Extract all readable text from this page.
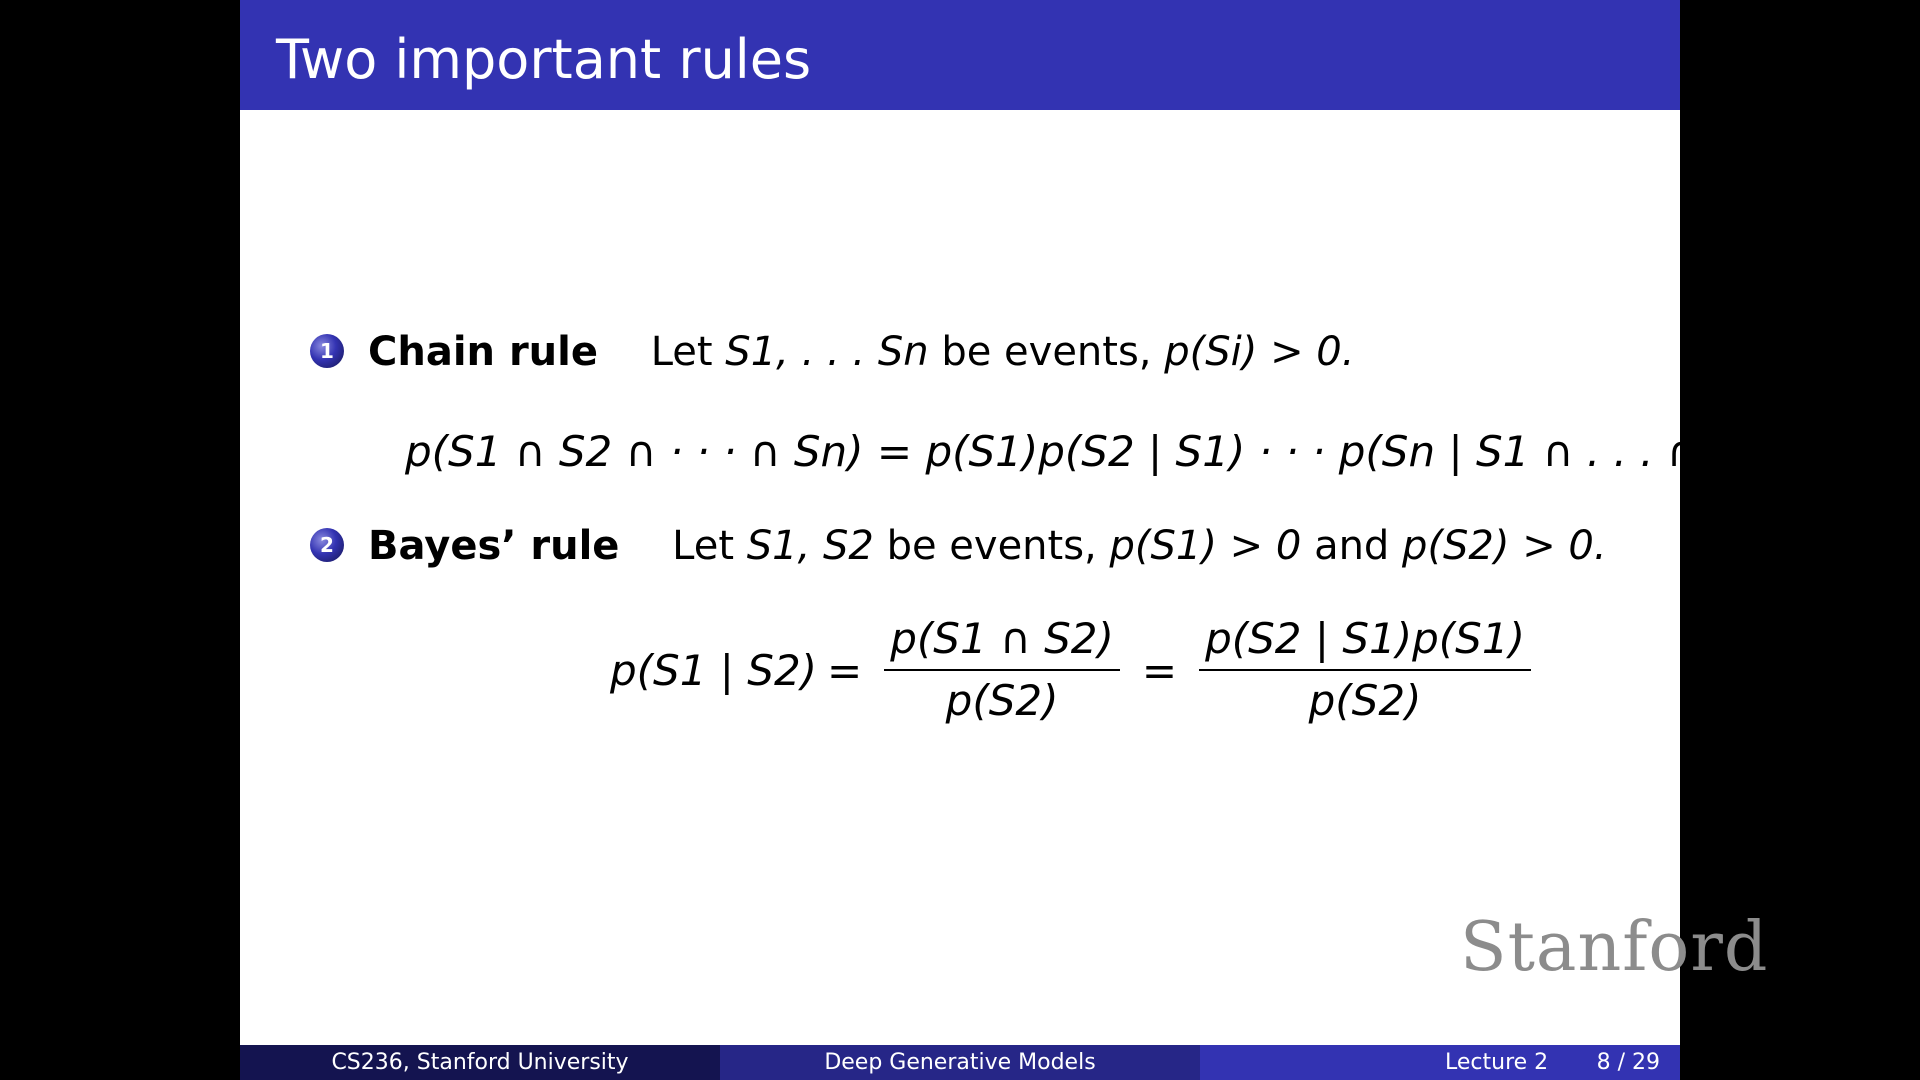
Two important rules
1 Chain rule Let S1, . . . Sn be events, p(Si) > 0.
p(S1 ∩ S2 ∩ · · · ∩ Sn) = p(S1)p(S2 | S1) · · · p(Sn | S1 ∩ . . . ∩ Sn−1)
2 Bayes’ rule Let S1, S2 be events, p(S1) > 0 and p(S2) > 0.
p(S1 | $S2) = \frac{p(S1 \cap S2)}{p(S2)} = \frac{p(S2 | S1)p(S1)}{p(S2)}$
Stanford
CS236, Stanford University	Deep Generative Models	Lecture 2 8 / 29
